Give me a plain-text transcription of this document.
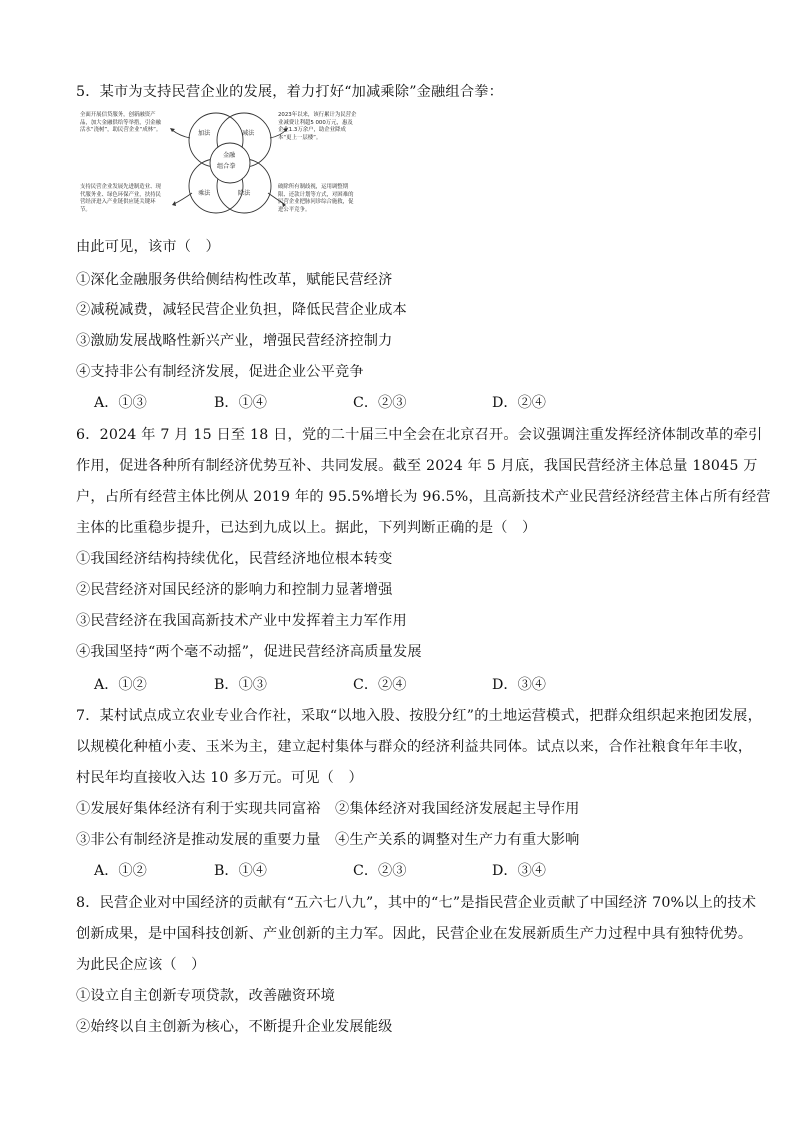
5．某市为支持民营企业的发展，着力打好“加减乘除”金融组合拳：
加法	减法
乘法	除法
金融
组合拳
全面开展信贷服务，创新融资产品，加大金融供给等举措，引金融活水“浇树”，助民营企业“成林”。
2023年以来，该行累计为民营企业减费让利超5 000万元，惠及企业1.3万余户，助企业降成本“更上一层楼”。
支持民营企业发展先进制造业、现代服务业、绿色环保产业，扶持民营经济进入产业链供应链关键环节。
破除所有制歧视，运用调整期限、还款计划等方式，对困难的民营企业把脉问诊综合施救，促进公平竞争。
由此可见，该市（　）
①深化金融服务供给侧结构性改革，赋能民营经济
②减税减费，减轻民营企业负担，降低民营企业成本
③激励发展战略性新兴产业，增强民营经济控制力
④支持非公有制经济发展，促进企业公平竞争
A．①③	B．①④	C．②③	D．②④
6．2024 年 7 月 15 日至 18 日，党的二十届三中全会在北京召开。会议强调注重发挥经济体制改革的牵引
作用，促进各种所有制经济优势互补、共同发展。截至 2024 年 5 月底，我国民营经济主体总量 18045 万
户，占所有经营主体比例从 2019 年的 95.5%增长为 96.5%，且高新技术产业民营经济经营主体占所有经营
主体的比重稳步提升，已达到九成以上。据此，下列判断正确的是（　）
①我国经济结构持续优化，民营经济地位根本转变
②民营经济对国民经济的影响力和控制力显著增强
③民营经济在我国高新技术产业中发挥着主力军作用
④我国坚持“两个毫不动摇”，促进民营经济高质量发展
A．①②	B．①③	C．②④	D．③④
7．某村试点成立农业专业合作社，采取“以地入股、按股分红”的土地运营模式，把群众组织起来抱团发展，
以规模化种植小麦、玉米为主，建立起村集体与群众的经济利益共同体。试点以来，合作社粮食年年丰收，
村民年均直接收入达 10 多万元。可见（　）
①发展好集体经济有利于实现共同富裕　②集体经济对我国经济发展起主导作用
③非公有制经济是推动发展的重要力量　④生产关系的调整对生产力有重大影响
A．①②	B．①④	C．②③	D．③④
8．民营企业对中国经济的贡献有“五六七八九”，其中的“七”是指民营企业贡献了中国经济 70%以上的技术
创新成果，是中国科技创新、产业创新的主力军。因此，民营企业在发展新质生产力过程中具有独特优势。
为此民企应该（　）
①设立自主创新专项贷款，改善融资环境
②始终以自主创新为核心，不断提升企业发展能级
